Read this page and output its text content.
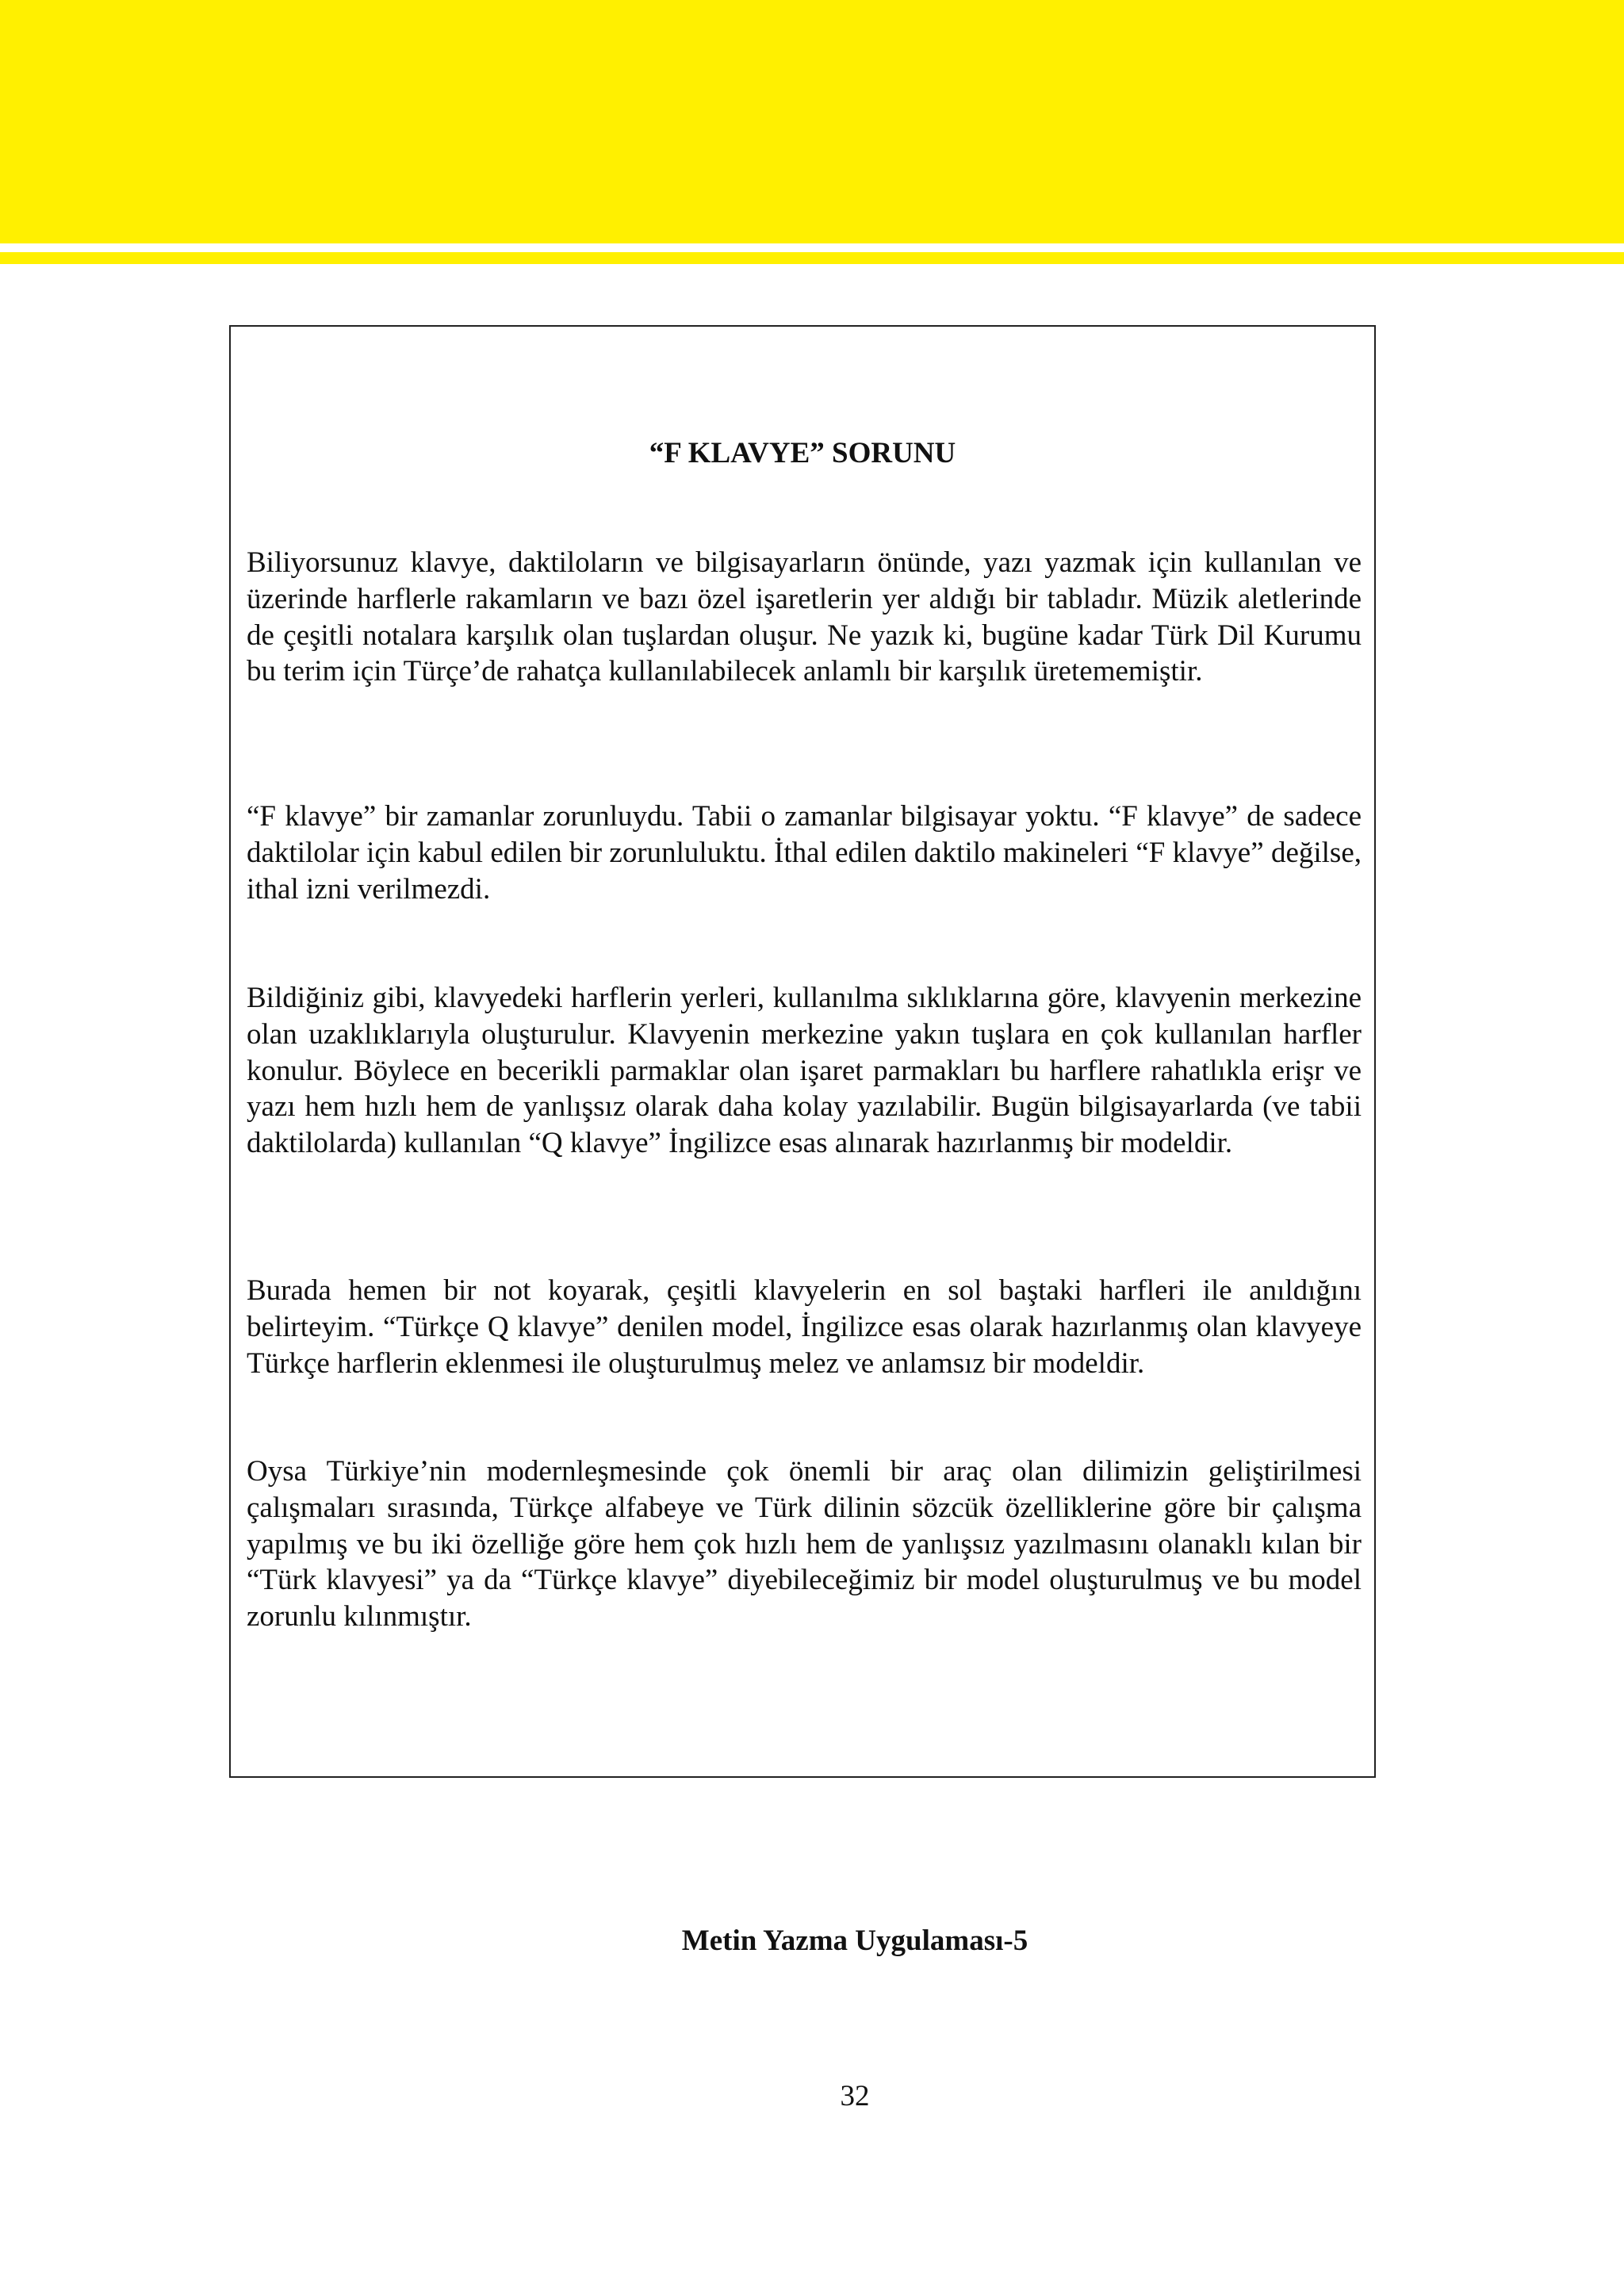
“F KLAVYE” SORUNU

Biliyorsunuz klavye, daktiloların ve bilgisayarların önünde, yazı yazmak için kullanılan ve üzerinde harflerle rakamların ve bazı özel işaretlerin yer aldığı bir tabladır. Müzik aletlerinde de çeşitli notalara karşılık olan tuşlardan oluşur. Ne yazık ki, bugüne kadar Türk Dil Kurumu bu terim için Türçe’de rahatça kullanılabilecek anlamlı bir karşılık üretememiştir.

“F klavye” bir zamanlar zorunluydu. Tabii o zamanlar bilgisayar yoktu. “F klavye” de sadece daktilolar için kabul edilen bir zorunluluktu. İthal edilen daktilo makineleri “F klavye” değilse, ithal izni verilmezdi.

Bildiğiniz gibi, klavyedeki harflerin yerleri, kullanılma sıklıklarına göre, klavyenin merkezine olan uzaklıklarıyla oluşturulur. Klavyenin merkezine yakın tuşlara en çok kullanılan harfler konulur. Böylece en becerikli parmaklar olan işaret parmakları bu harflere rahatlıkla erişr ve yazı hem hızlı hem de yanlışsız olarak daha kolay yazılabilir. Bugün bilgisayarlarda (ve tabii daktilolarda) kullanılan “Q klavye” İngilizce esas alınarak hazırlanmış bir modeldir.

Burada hemen bir not koyarak, çeşitli klavyelerin en sol baştaki harfleri ile anıldığını belirteyim. “Türkçe Q klavye” denilen model, İngilizce esas olarak hazırlanmış olan klavyeye Türkçe harflerin eklenmesi ile oluşturulmuş melez ve anlamsız bir modeldir.

Oysa Türkiye’nin modernleşmesinde çok önemli bir araç olan dilimizin geliştirilmesi çalışmaları sırasında, Türkçe alfabeye ve Türk dilinin sözcük özelliklerine göre bir çalışma yapılmış ve bu iki özelliğe göre hem çok hızlı hem de yanlışsız yazılmasını olanaklı kılan bir “Türk klavyesi” ya da “Türkçe klavye” diyebileceğimiz bir model oluşturulmuş ve bu model zorunlu kılınmıştır.

Metin Yazma Uygulaması-5

32
